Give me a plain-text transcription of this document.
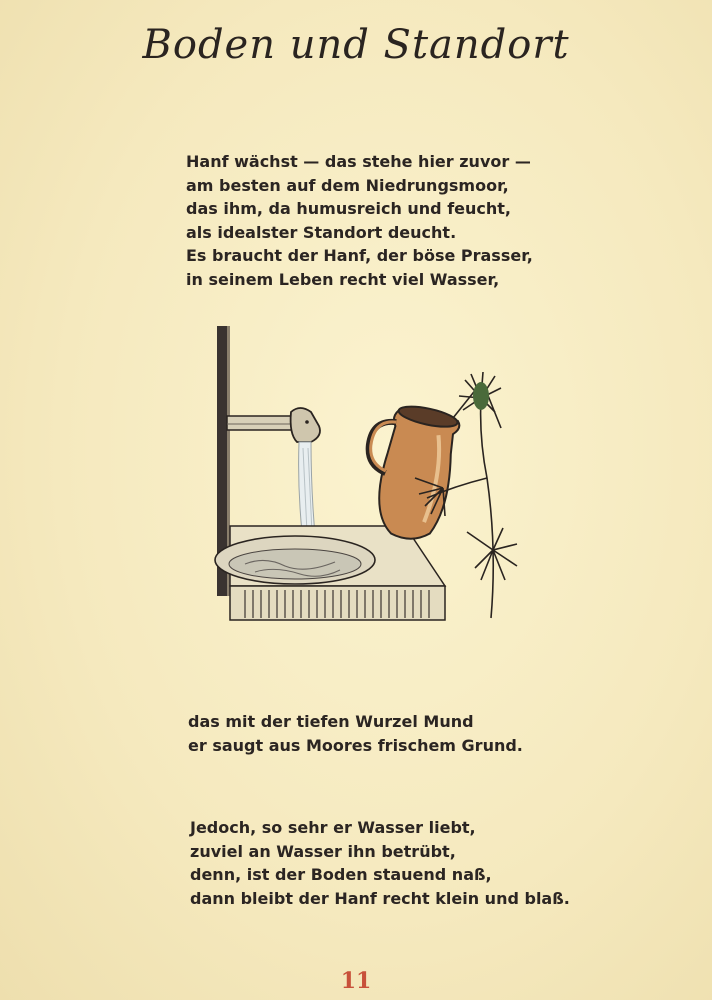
Boden und Standort
Hanf wächst — das stehe hier zuvor —
am besten auf dem Niedrungsmoor,
das ihm, da humusreich und feucht,
als idealster Standort deucht.
Es braucht der Hanf, der böse Prasser,
in seinem Leben recht viel Wasser,
das mit der tiefen Wurzel Mund
er saugt aus Moores frischem Grund.
Jedoch, so sehr er Wasser liebt,
zuviel an Wasser ihn betrübt,
denn, ist der Boden stauend naß,
dann bleibt der Hanf recht klein und blaß.
11
